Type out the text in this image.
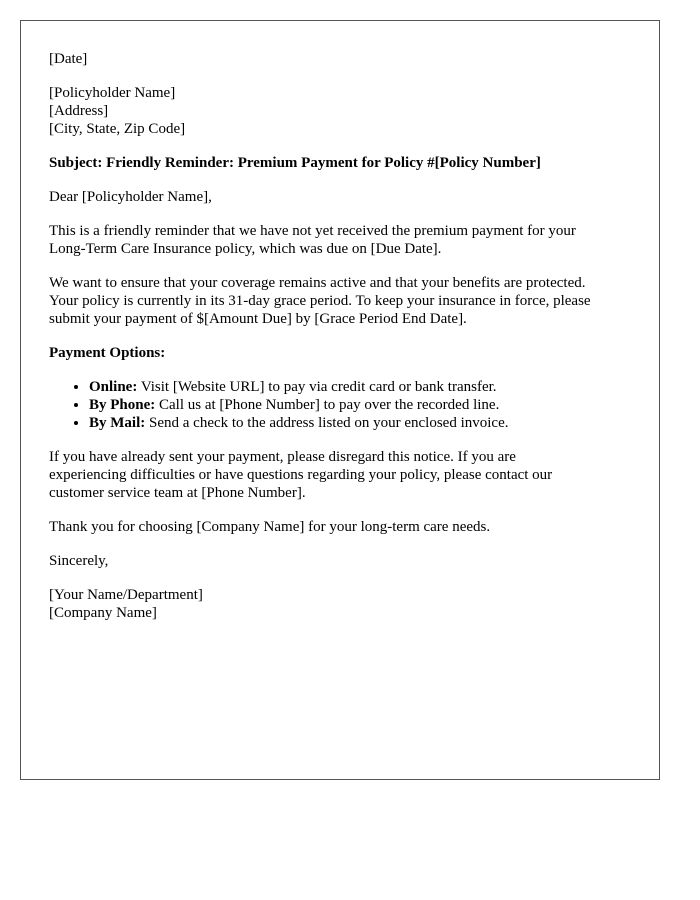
[Date]
[Policyholder Name]
[Address]
[City, State, Zip Code]
Subject: Friendly Reminder: Premium Payment for Policy #[Policy Number]
Dear [Policyholder Name],
This is a friendly reminder that we have not yet received the premium payment for your
Long-Term Care Insurance policy, which was due on [Due Date].
We want to ensure that your coverage remains active and that your benefits are protected.
Your policy is currently in its 31-day grace period. To keep your insurance in force, please
submit your payment of $[Amount Due] by [Grace Period End Date].
Payment Options:
• Online: Visit [Website URL] to pay via credit card or bank transfer.
• By Phone: Call us at [Phone Number] to pay over the recorded line.
• By Mail: Send a check to the address listed on your enclosed invoice.
If you have already sent your payment, please disregard this notice. If you are
experiencing difficulties or have questions regarding your policy, please contact our
customer service team at [Phone Number].
Thank you for choosing [Company Name] for your long-term care needs.
Sincerely,
[Your Name/Department]
[Company Name]
